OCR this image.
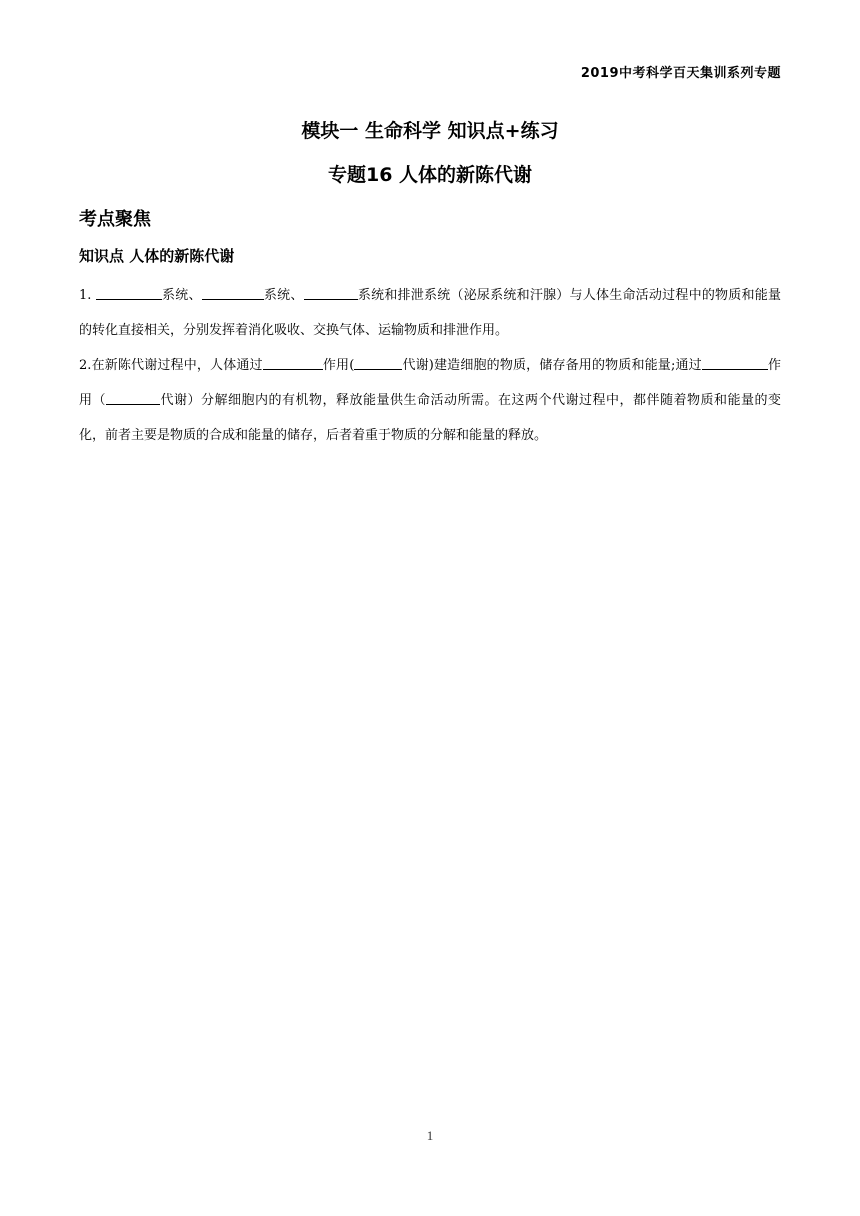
2019中考科学百天集训系列专题
模块一 生命科学 知识点+练习
专题16 人体的新陈代谢
考点聚焦
知识点 人体的新陈代谢

1.	系统、	系统、	系统和排泄系统（泌尿系统和汗腺）与人体生命活动过程中的物质和能量的转化直接相关，分别发挥着消化吸收、交换气体、运输物质和排泄作用。

2.在新陈代谢过程中，人体通过	作用(	代谢)建造细胞的物质，储存备用的物质和能量;通过	作用（	代谢）分解细胞内的有机物，释放能量供生命活动所需。在这两个代谢过程中，都伴随着物质和能量的变化，前者主要是物质的合成和能量的储存，后者着重于物质的分解和能量的释放。

1
